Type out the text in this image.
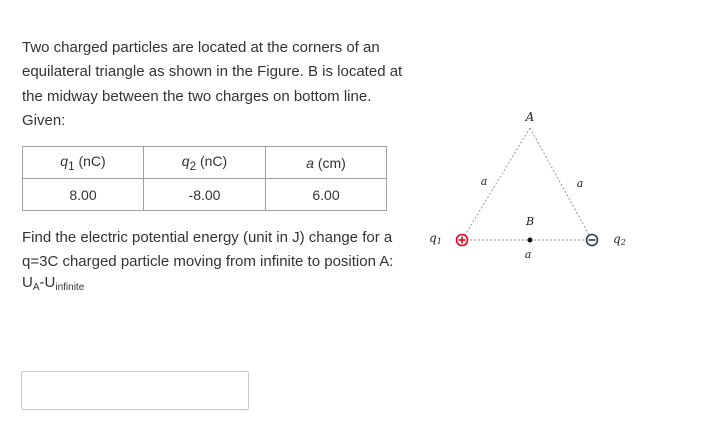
Two charged particles are located at the corners of an equilateral triangle as shown in the Figure. B is located at the midway between the two charges on bottom line.

Given:

$q_1$ (nC)	$q_2$ (nC)	a (cm)
8.00	-8.00	6.00

Find the electric potential energy (unit in J) change for a q=3C charged particle moving from infinite to position A:

$U_A-U_{infinite}$
A
a	a
B
a
q1	q2
